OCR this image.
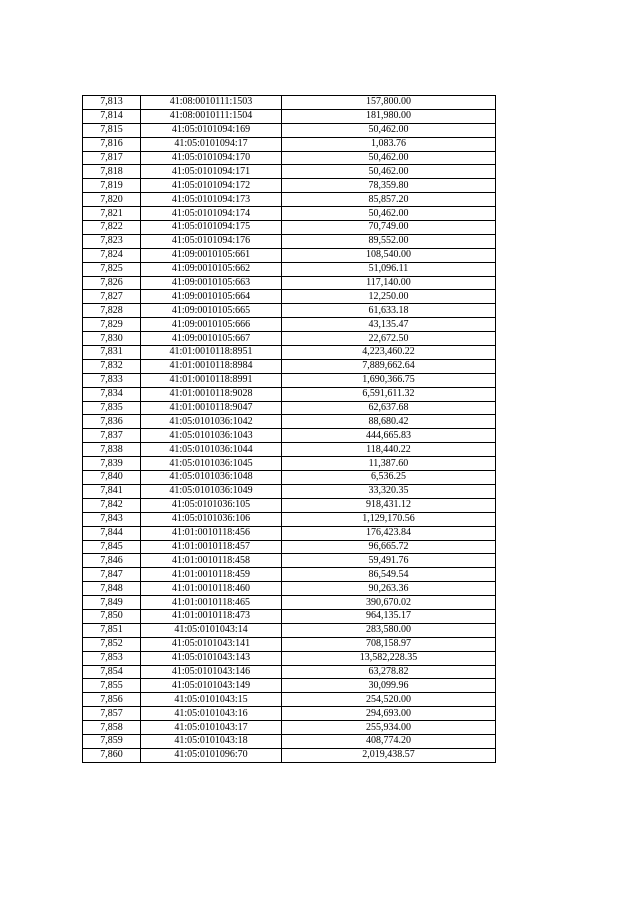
7,813	41:08:0010111:1503	157,800.00
7,814	41:08:0010111:1504	181,980.00
7,815	41:05:0101094:169	50,462.00
7,816	41:05:0101094:17	1,083.76
7,817	41:05:0101094:170	50,462.00
7,818	41:05:0101094:171	50,462.00
7,819	41:05:0101094:172	78,359.80
7,820	41:05:0101094:173	85,857.20
7,821	41:05:0101094:174	50,462.00
7,822	41:05:0101094:175	70,749.00
7,823	41:05:0101094:176	89,552.00
7,824	41:09:0010105:661	108,540.00
7,825	41:09:0010105:662	51,096.11
7,826	41:09:0010105:663	117,140.00
7,827	41:09:0010105:664	12,250.00
7,828	41:09:0010105:665	61,633.18
7,829	41:09:0010105:666	43,135.47
7,830	41:09:0010105:667	22,672.50
7,831	41:01:0010118:8951	4,223,460.22
7,832	41:01:0010118:8984	7,889,662.64
7,833	41:01:0010118:8991	1,690,366.75
7,834	41:01:0010118:9028	6,591,611.32
7,835	41:01:0010118:9047	62,637.68
7,836	41:05:0101036:1042	88,680.42
7,837	41:05:0101036:1043	444,665.83
7,838	41:05:0101036:1044	118,440.22
7,839	41:05:0101036:1045	11,387.60
7,840	41:05:0101036:1048	6,536.25
7,841	41:05:0101036:1049	33,320.35
7,842	41:05:0101036:105	918,431.12
7,843	41:05:0101036:106	1,129,170.56
7,844	41:01:0010118:456	176,423.84
7,845	41:01:0010118:457	96,665.72
7,846	41:01:0010118:458	59,491.76
7,847	41:01:0010118:459	86,549.54
7,848	41:01:0010118:460	90,263.36
7,849	41:01:0010118:465	390,670.02
7,850	41:01:0010118:473	964,135.17
7,851	41:05:0101043:14	283,580.00
7,852	41:05:0101043:141	708,158.97
7,853	41:05:0101043:143	13,582,228.35
7,854	41:05:0101043:146	63,278.82
7,855	41:05:0101043:149	30,099.96
7,856	41:05:0101043:15	254,520.00
7,857	41:05:0101043:16	294,693.00
7,858	41:05:0101043:17	255,934.00
7,859	41:05:0101043:18	408,774.20
7,860	41:05:0101096:70	2,019,438.57
